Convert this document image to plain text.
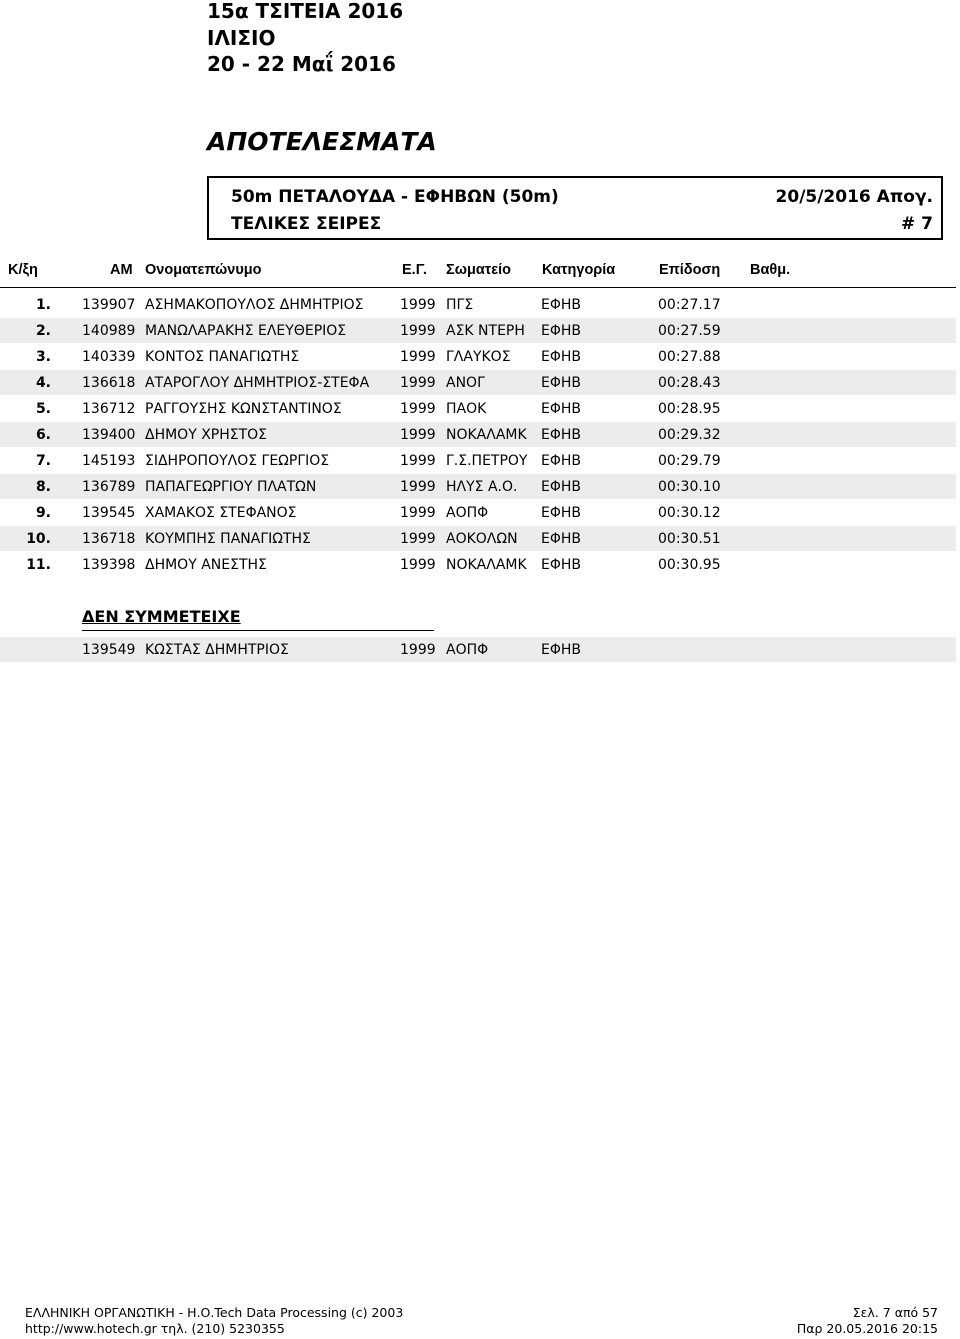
15α ΤΣΙΤΕΙΑ 2016
ΙΛΙΣΙΟ
20 - 22 Μαΐ 2016
ΑΠΟΤΕΛΕΣΜΑΤΑ
50m ΠΕΤΑΛΟΥΔΑ - ΕΦΗΒΩΝ (50m)	20/5/2016 Απογ.
ΤΕΛΙΚΕΣ ΣΕΙΡΕΣ	# 7
Κ/ξη	ΑΜ Ονοματεπώνυμο	Ε.Γ. Σωματείο Κατηγορία	Επίδοση Βαθμ.
1. 139907 ΑΣΗΜΑΚΟΠΟΥΛΟΣ ΔΗΜΗΤΡΙΟΣ	1999 ΠΓΣ	ΕΦΗΒ	00:27.17
2. 140989 ΜΑΝΩΛΑΡΑΚΗΣ ΕΛΕΥΘΕΡΙΟΣ	1999 ΑΣΚ ΝΤΕΡΗ ΕΦΗΒ	00:27.59
3. 140339 ΚΟΝΤΟΣ ΠΑΝΑΓΙΩΤΗΣ	1999 ΓΛΑΥΚΟΣ ΕΦΗΒ	00:27.88
4. 136618 ΑΤΑΡΟΓΛΟΥ ΔΗΜΗΤΡΙΟΣ-ΣΤΕΦΑ 1999 ΑΝΟΓ	ΕΦΗΒ	00:28.43
5. 136712 ΡΑΓΓΟΥΣΗΣ ΚΩΝΣΤΑΝΤΙΝΟΣ	1999 ΠΑΟΚ	ΕΦΗΒ	00:28.95
6. 139400 ΔΗΜΟΥ ΧΡΗΣΤΟΣ	1999 ΝΟΚΑΛΑΜΚ ΕΦΗΒ	00:29.32
7. 145193 ΣΙΔΗΡΟΠΟΥΛΟΣ ΓΕΩΡΓΙΟΣ	1999 Γ.Σ.ΠΕΤΡΟΥ ΕΦΗΒ	00:29.79
8. 136789 ΠΑΠΑΓΕΩΡΓΙΟΥ ΠΛΑΤΩΝ	1999 ΗΛΥΣ Α.Ο. ΕΦΗΒ	00:30.10
9. 139545 ΧΑΜΑΚΟΣ ΣΤΕΦΑΝΟΣ	1999 ΑΟΠΦ	ΕΦΗΒ	00:30.12
10. 136718 ΚΟΥΜΠΗΣ ΠΑΝΑΓΙΩΤΗΣ	1999 ΑΟΚΟΛΩΝ ΕΦΗΒ	00:30.51
11. 139398 ΔΗΜΟΥ ΑΝΕΣΤΗΣ	1999 ΝΟΚΑΛΑΜΚ ΕΦΗΒ	00:30.95
ΔΕΝ ΣΥΜΜΕΤΕΙΧΕ
139549 ΚΩΣΤΑΣ ΔΗΜΗΤΡΙΟΣ	1999 ΑΟΠΦ	ΕΦΗΒ
ΕΛΛΗΝΙΚΗ ΟΡΓΑΝΩΤΙΚΗ - Η.Ο.Tech Data Processing (c) 2003
http://www.hotech.gr τηλ. (210) 5230355
Σελ. 7 από 57
Παρ 20.05.2016 20:15
